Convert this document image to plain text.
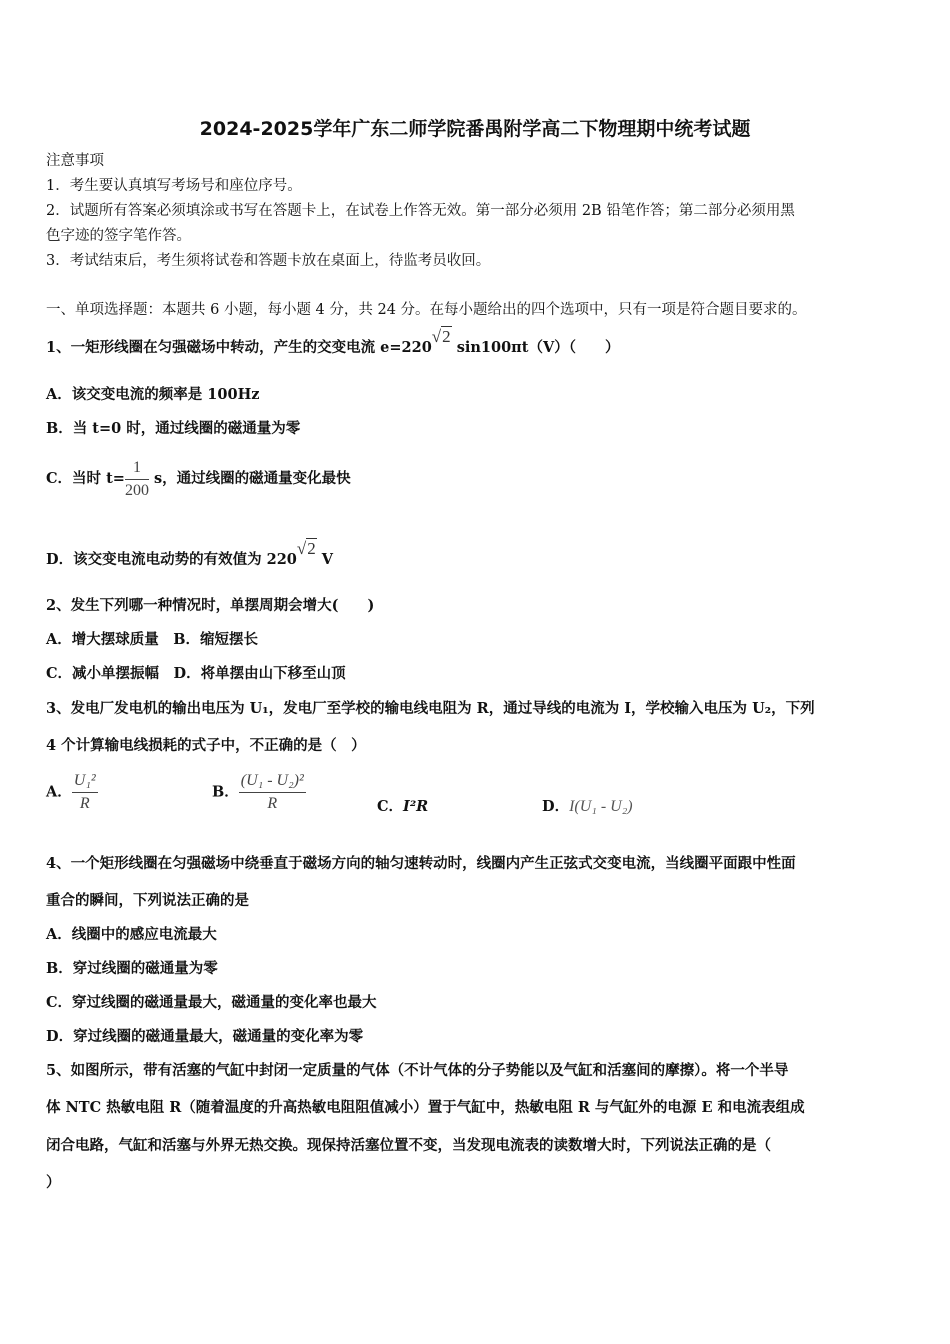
2024-2025学年广东二师学院番禺附学高二下物理期中统考试题
注意事项
1．考生要认真填写考场号和座位序号。
2．试题所有答案必须填涂或书写在答题卡上，在试卷上作答无效。第一部分必须用 2B 铅笔作答；第二部分必须用黑
色字迹的签字笔作答。
3．考试结束后，考生须将试卷和答题卡放在桌面上，待监考员收回。
一、单项选择题：本题共 6 小题，每小题 4 分，共 24 分。在每小题给出的四个选项中，只有一项是符合题目要求的。
1、一矩形线圈在匀强磁场中转动，产生的交变电流 e=220√2 sin100πt（V）（　　）
A．该交变电流的频率是 100Hz
B．当 t=0 时，通过线圈的磁通量为零
C．当时 $t= \frac{1}{200}$ s，通过线圈的磁通量变化最快
D．该交变电流电动势的有效值为 220√2 V
2、发生下列哪一种情况时，单摆周期会增大(　　)
A．增大摆球质量　B．缩短摆长
C．减小单摆振幅　D．将单摆由山下移至山顶
3、发电厂发电机的输出电压为 U₁，发电厂至学校的输电线电阻为 R，通过导线的电流为 I，学校输入电压为 U₂，下列
4 个计算输电线损耗的式子中，不正确的是（　）
A． $\frac{\text{U₁²}}{R}$	B． $\frac{\text{(U₁ - U₂)²}}{R}$	C．I²R	D．I(U₁ - U₂)
4、一个矩形线圈在匀强磁场中绕垂直于磁场方向的轴匀速转动时，线圈内产生正弦式交变电流，当线圈平面跟中性面
重合的瞬间，下列说法正确的是
A．线圈中的感应电流最大
B．穿过线圈的磁通量为零
C．穿过线圈的磁通量最大，磁通量的变化率也最大
D．穿过线圈的磁通量最大，磁通量的变化率为零
5、如图所示，带有活塞的气缸中封闭一定质量的气体（不计气体的分子势能以及气缸和活塞间的摩擦）。将一个半导
体 NTC 热敏电阻 R（随着温度的升高热敏电阻阻值减小）置于气缸中，热敏电阻 R 与气缸外的电源 E 和电流表组成
闭合电路，气缸和活塞与外界无热交换。现保持活塞位置不变，当发现电流表的读数增大时，下列说法正确的是（
）
